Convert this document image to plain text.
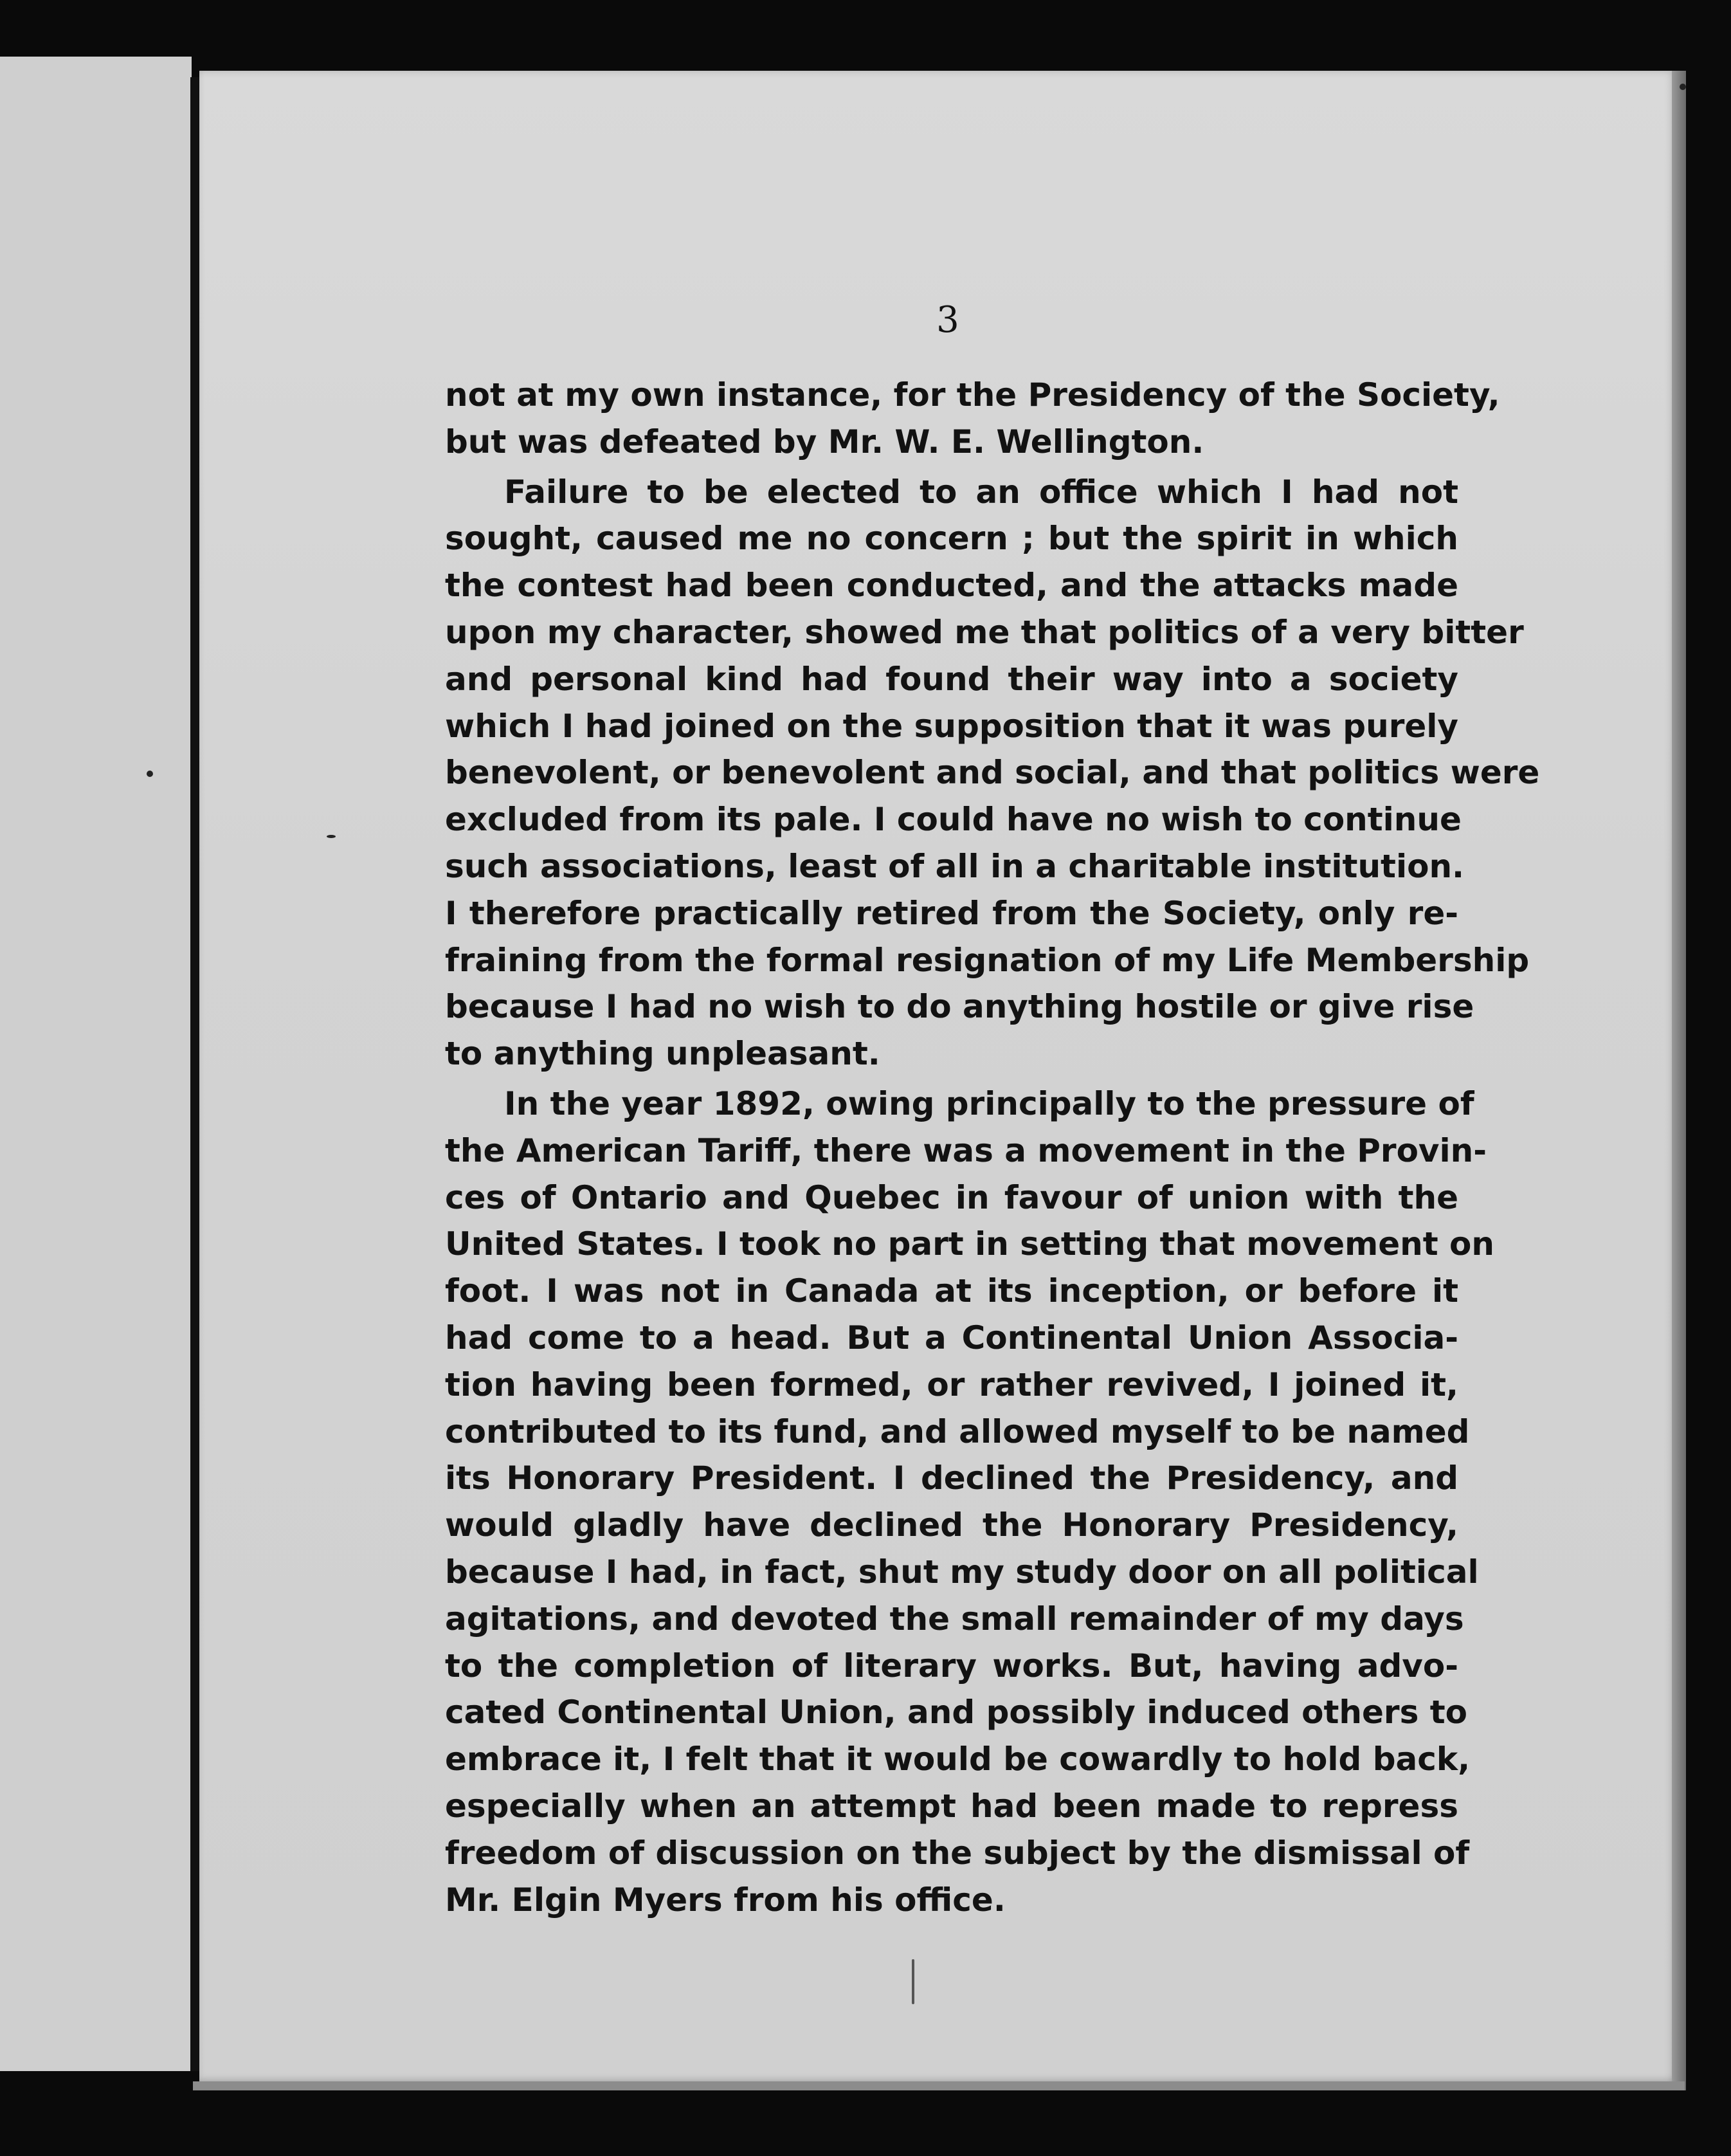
3
not at my own instance, for the Presidency of the Society,
but was defeated by Mr. W. E. Wellington.
Failure to be elected to an office which I had not
sought, caused me no concern ; but the spirit in which
the contest had been conducted, and the attacks made
upon my character, showed me that politics of a very bitter
and personal kind had found their way into a society
which I had joined on the supposition that it was purely
benevolent, or benevolent and social, and that politics were
excluded from its pale. I could have no wish to continue
such associations, least of all in a charitable institution.
I therefore practically retired from the Society, only re-
fraining from the formal resignation of my Life Membership
because I had no wish to do anything hostile or give rise
to anything unpleasant.
In the year 1892, owing principally to the pressure of
the American Tariff, there was a movement in the Provin-
ces of Ontario and Quebec in favour of union with the
United States. I took no part in setting that movement on
foot. I was not in Canada at its inception, or before it
had come to a head. But a Continental Union Associa-
tion having been formed, or rather revived, I joined it,
contributed to its fund, and allowed myself to be named
its Honorary President. I declined the Presidency, and
would gladly have declined the Honorary Presidency,
because I had, in fact, shut my study door on all political
agitations, and devoted the small remainder of my days
to the completion of literary works. But, having advo-
cated Continental Union, and possibly induced others to
embrace it, I felt that it would be cowardly to hold back,
especially when an attempt had been made to repress
freedom of discussion on the subject by the dismissal of
Mr. Elgin Myers from his office.
